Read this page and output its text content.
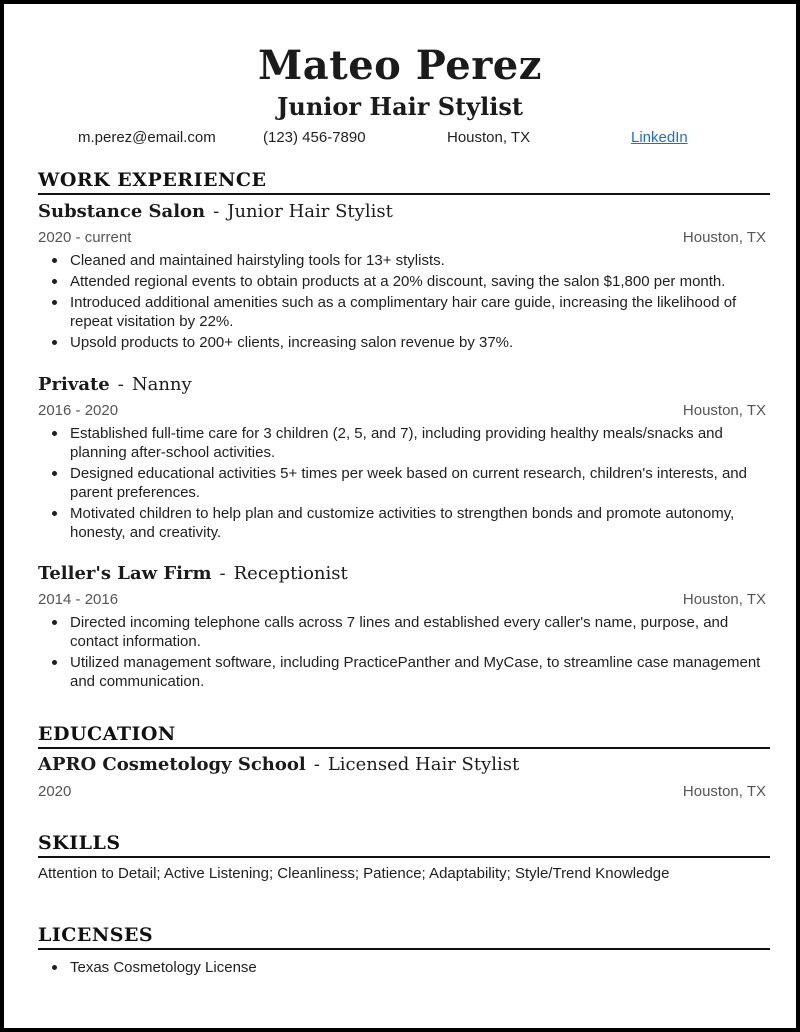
Mateo Perez
Junior Hair Stylist
m.perez@email.com	(123) 456-7890	Houston, TX	LinkedIn
WORK EXPERIENCE
Substance Salon - Junior Hair Stylist
2020 - current	Houston, TX
Cleaned and maintained hairstyling tools for 13+ stylists.
Attended regional events to obtain products at a 20% discount, saving the salon $1,800 per month.
Introduced additional amenities such as a complimentary hair care guide, increasing the likelihood of repeat visitation by 22%.
Upsold products to 200+ clients, increasing salon revenue by 37%.
Private - Nanny
2016 - 2020	Houston, TX
Established full-time care for 3 children (2, 5, and 7), including providing healthy meals/snacks and planning after-school activities.
Designed educational activities 5+ times per week based on current research, children's interests, and parent preferences.
Motivated children to help plan and customize activities to strengthen bonds and promote autonomy, honesty, and creativity.
Teller's Law Firm - Receptionist
2014 - 2016	Houston, TX
Directed incoming telephone calls across 7 lines and established every caller's name, purpose, and contact information.
Utilized management software, including PracticePanther and MyCase, to streamline case management and communication.
EDUCATION
APRO Cosmetology School - Licensed Hair Stylist
2020	Houston, TX
SKILLS
Attention to Detail; Active Listening; Cleanliness; Patience; Adaptability; Style/Trend Knowledge
LICENSES
Texas Cosmetology License
